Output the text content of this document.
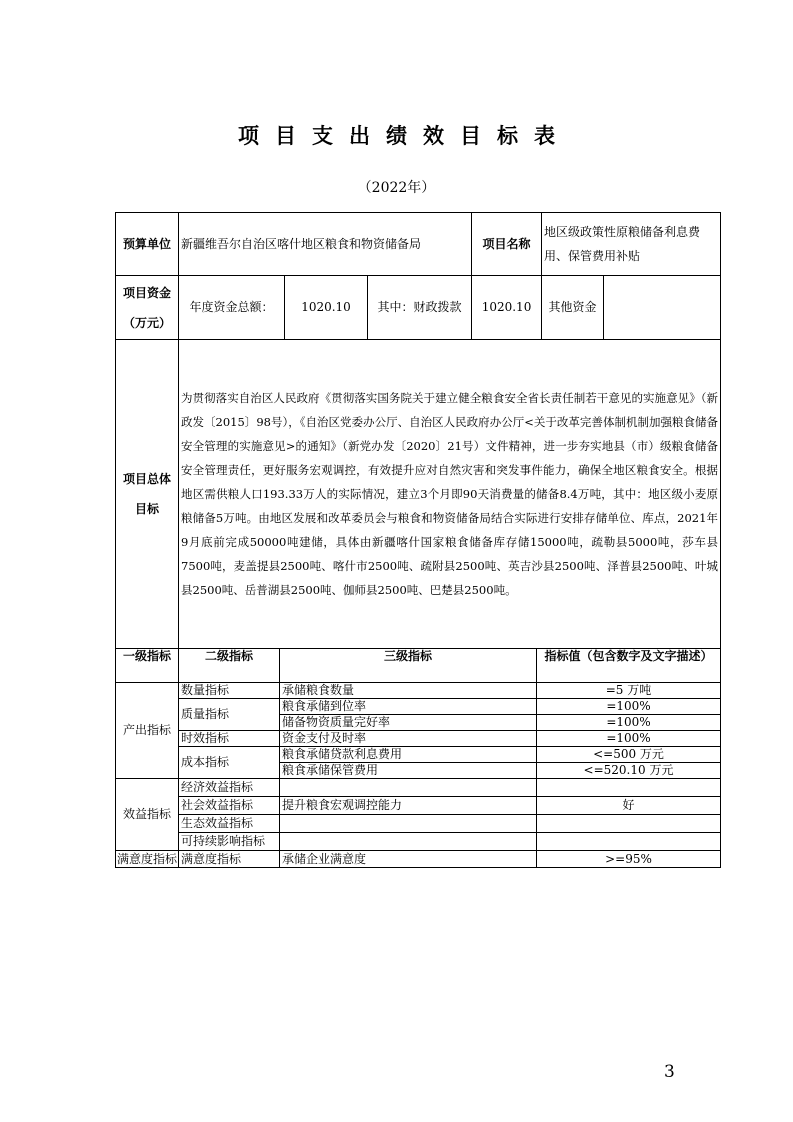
项目支出绩效目标表
（2022年）
预算单位	新疆维吾尔自治区喀什地区粮食和物资储备局			项目名称	地区级政策性原粮储备利息费用、保管费用补贴	

项目资金
（万元）	年度资金总额：	1020.10	其中：财政拨款	1020.10	其他资金	
项目总体目标	为贯彻落实自治区人民政府《贯彻落实国务院关于建立健全粮食安全省长责任制若干意见的实施意见》（新政发〔2015〕98号），《自治区党委办公厅、自治区人民政府办公厅<关于改革完善体制机制加强粮食储备安全管理的实施意见>的通知》（新党办发〔2020〕21号）文件精神，进一步夯实地县（市）级粮食储备安全管理责任，更好服务宏观调控，有效提升应对自然灾害和突发事件能力，确保全地区粮食安全。根据地区需供粮人口193.33万人的实际情况，建立3个月即90天消费量的储备8.4万吨，其中：地区级小麦原粮储备5万吨。由地区发展和改革委员会与粮食和物资储备局结合实际进行安排存储单位、库点，2021年9月底前完成50000吨建储，具体由新疆喀什国家粮食储备库存储15000吨，疏勒县5000吨，莎车县7500吨，麦盖提县2500吨、喀什市2500吨、疏附县2500吨、英吉沙县2500吨、泽普县2500吨、叶城县2500吨、岳普湖县2500吨、伽师县2500吨、巴楚县2500吨。					
一级指标	二级指标	三级指标	指标值（包含数字及文字描述）
产出指标	数量指标	承储粮食数量	=5 万吨
	质量指标	粮食承储到位率	=100%
		储备物资质量完好率	=100%
	时效指标	资金支付及时率	=100%
	成本指标	粮食承储贷款利息费用	<=500 万元
		粮食承储保管费用	<=520.10 万元
效益指标	经济效益指标		
	社会效益指标	提升粮食宏观调控能力	好
	生态效益指标		
	可持续影响指标		
满意度指标	满意度指标	承储企业满意度	>=95%
3
